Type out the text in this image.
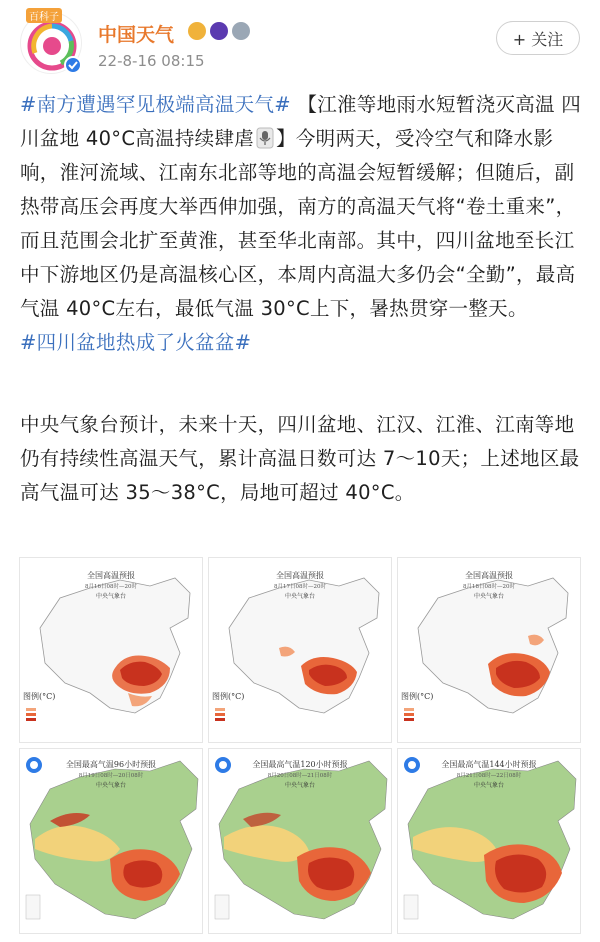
百科子
中国天气
22-8-16 08:15
+ 关注
#南方遭遇罕见极端高温天气# 【江淮等地雨水短暂浇灭高温 四川盆地 40°C高温持续肆虐 】今明两天，受冷空气和降水影响，淮河流域、江南东北部等地的高温会短暂缓解；但随后，副热带高压会再度大举西伸加强，南方的高温天气将“卷土重来”，而且范围会北扩至黄淮，甚至华北南部。其中，四川盆地至长江中下游地区仍是高温核心区，本周内高温大多仍会“全勤”，最高气温 40°C左右，最低气温 30°C上下，暑热贯穿一整天。
#四川盆地热成了火盆盆#
中央气象台预计，未来十天，四川盆地、江汉、江淮、江南等地仍有持续性高温天气，累计高温日数可达 7～10天；上述地区最高气温可达 35～38°C，局地可超过 40°C。
全国高温预报
8月16日08时—20时
中央气象台
图例(°C)
全国高温预报
8月17日08时—20时
中央气象台
图例(°C)
全国高温预报
8月18日08时—20时
中央气象台
图例(°C)
全国最高气温96小时预报
8月19日08时—20日08时
中央气象台
全国最高气温120小时预报
8月20日08时—21日08时
中央气象台
全国最高气温144小时预报
8月21日08时—22日08时
中央气象台
